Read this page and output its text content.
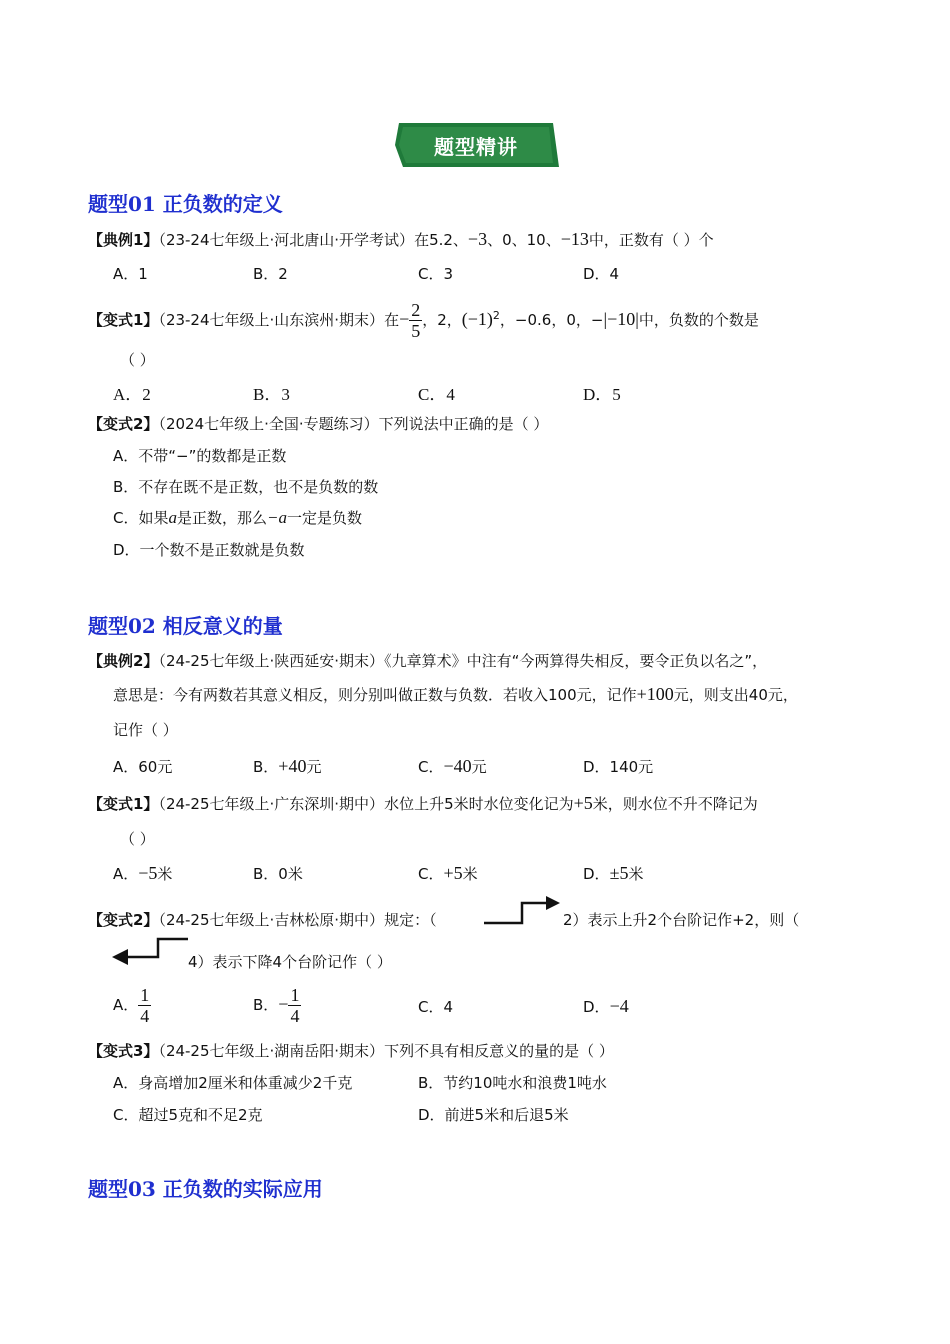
题型精讲
题型01 正负数的定义
【典例1】（23-24七年级上·河北唐山·开学考试）在5.2、−3、0、10、−13中，正数有（ ）个
A．1	B．2	C．3	D．4
【变式1】（23-24七年级上·山东滨州·期末）在− $\frac{2}{5}$ ，2，$(-1)^2$，−0.6，0，−|−10|中，负数的个数是
（ ）
A．2	B．3	C．4	D．5
【变式2】（2024七年级上·全国·专题练习）下列说法中正确的是（ ）
A．不带“−”的数都是正数
B．不存在既不是正数，也不是负数的数
C．如果a是正数，那么−a一定是负数
D．一个数不是正数就是负数
题型02 相反意义的量
【典例2】（24-25七年级上·陕西延安·期末）《九章算术》中注有“今两算得失相反，要令正负以名之”，
意思是：今有两数若其意义相反，则分别叫做正数与负数．若收入100元，记作+100元，则支出40元，
记作（ ）
A．60元	B．+40元	C．−40元	D．140元
【变式1】（24-25七年级上·广东深圳·期中）水位上升5米时水位变化记为+5米，则水位不升不降记为
（ ）
A．−5米	B．0米	C．+5米	D．±5米
【变式2】（24-25七年级上·吉林松原·期中）规定：（	2）表示上升2个台阶记作+2，则（
4）表示下降4个台阶记作（ ）
A． $\frac{1}{4}$	B．− $\frac{1}{4}$	C．4	D．−4
【变式3】（24-25七年级上·湖南岳阳·期末）下列不具有相反意义的量的是（ ）
A．身高增加2厘米和体重减少2千克	B．节约10吨水和浪费1吨水
C．超过5克和不足2克	D．前进5米和后退5米
题型03 正负数的实际应用
